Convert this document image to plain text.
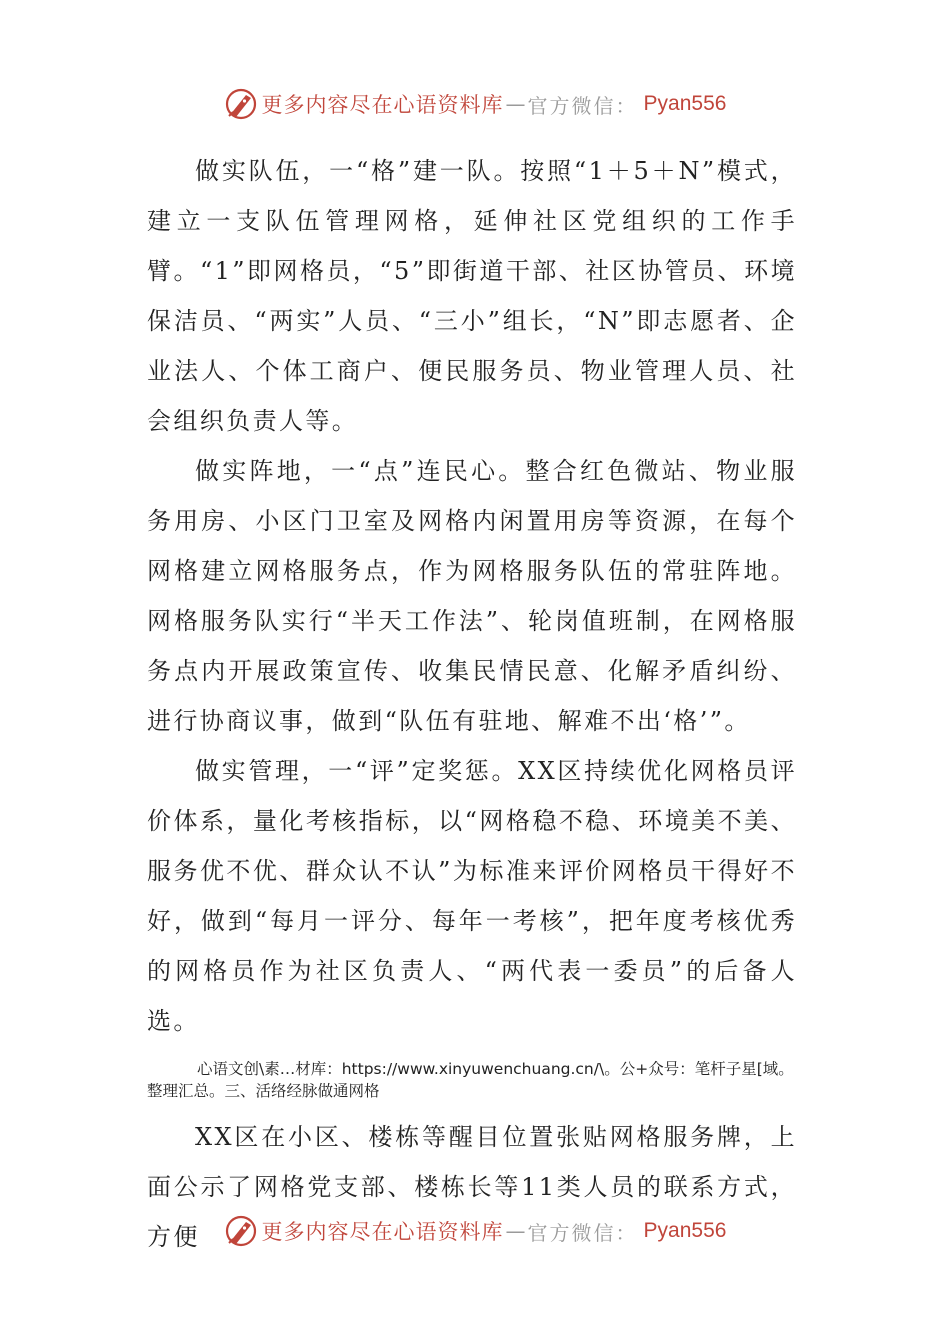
更多内容尽在心语资料库 — 官方微信： Pyan556

做实队伍，一“格”建一队。按照“1＋5＋N”模式，建立一支队伍管理网格，延伸社区党组织的工作手臂。“1”即网格员，“5”即街道干部、社区协管员、环境保洁员、“两实”人员、“三小”组长，“N”即志愿者、企业法人、个体工商户、便民服务员、物业管理人员、社会组织负责人等。

做实阵地，一“点”连民心。整合红色微站、物业服务用房、小区门卫室及网格内闲置用房等资源，在每个网格建立网格服务点，作为网格服务队伍的常驻阵地。网格服务队实行“半天工作法”、轮岗值班制，在网格服务点内开展政策宣传、收集民情民意、化解矛盾纠纷、进行协商议事，做到“队伍有驻地、解难不出‘格’”。

做实管理，一“评”定奖惩。XX区持续优化网格员评价体系，量化考核指标，以“网格稳不稳、环境美不美、服务优不优、群众认不认”为标准来评价网格员干得好不好，做到“每月一评分、每年一考核”，把年度考核优秀的网格员作为社区负责人、“两代表一委员”的后备人选。

心语文创\素…材库：https://www.xinyuwenchuang.cn/\。公+众号：笔杆子星[域。整理汇总。三、活络经脉做通网格

XX区在小区、楼栋等醒目位置张贴网格服务牌，上面公示了网格党支部、楼栋长等11类人员的联系方式，方便	更多内容尽在心语资料库 — 官方微信： Pyan556
